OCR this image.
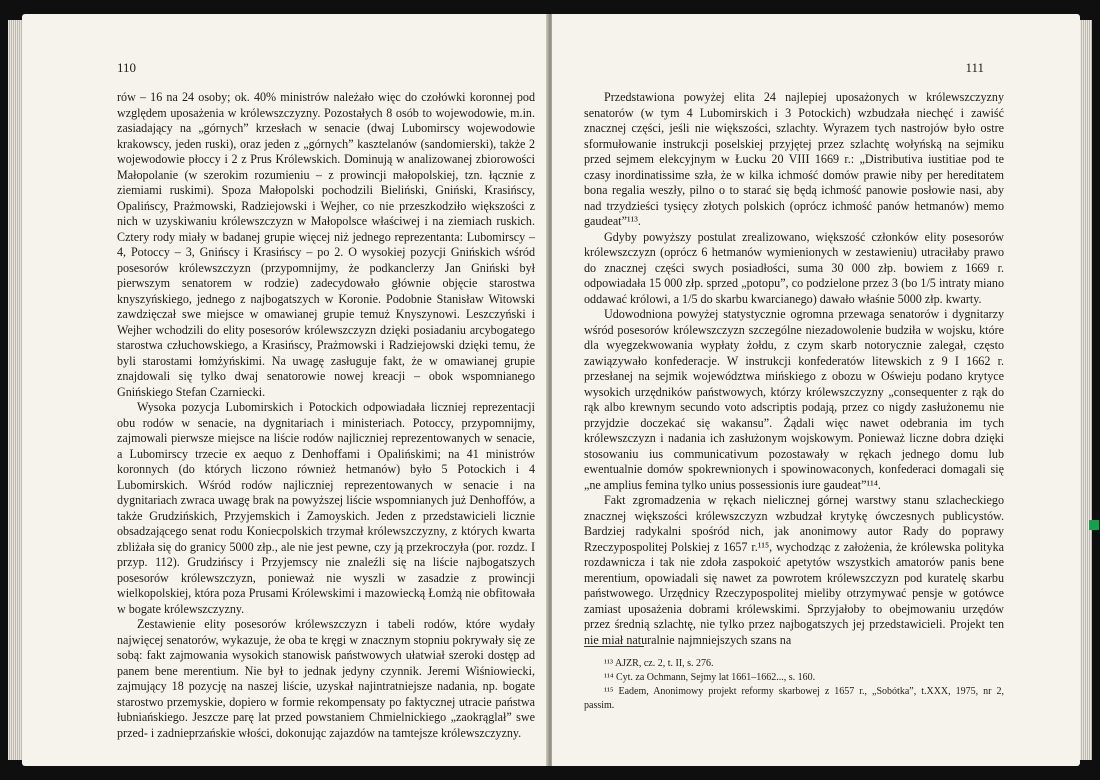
110

rów – 16 na 24 osoby; ok. 40% ministrów należało więc do czołówki koronnej pod względem uposażenia w królewszczyzny. Pozostałych 8 osób to wojewodowie, m.in. zasiadający na „górnych” krzesłach w senacie (dwaj Lubomirscy wojewodowie krakowscy, jeden ruski), oraz jeden z „górnych” kasztelanów (sandomierski), także 2 wojewodowie płoccy i 2 z Prus Królewskich. Dominują w analizowanej zbiorowości Małopolanie (w szerokim rozumieniu – z prowincji małopolskiej, tzn. łącznie z ziemiami ruskimi). Spoza Małopolski pochodzili Bieliński, Gniński, Krasińscy, Opalińscy, Prażmowski, Radziejowski i Wejher, co nie przeszkodziło większości z nich w uzyskiwaniu królewszczyzn w Małopolsce właściwej i na ziemiach ruskich. Cztery rody miały w badanej grupie więcej niż jednego reprezentanta: Lubomirscy – 4, Potoccy – 3, Gnińscy i Krasińscy – po 2. O wysokiej pozycji Gnińskich wśród posesorów królewszczyzn (przypomnijmy, że podkanclerzy Jan Gniński był pierwszym senatorem w rodzie) zadecydowało głównie objęcie starostwa knyszyńskiego, jednego z najbogatszych w Koronie. Podobnie Stanisław Witowski zawdzięczał swe miejsce w omawianej grupie temuż Knyszynowi. Leszczyński i Wejher wchodzili do elity posesorów królewszczyzn dzięki posiadaniu arcybogatego starostwa człuchowskiego, a Krasińscy, Prażmowski i Radziejowski dzięki temu, że byli starostami łomżyńskimi. Na uwagę zasługuje fakt, że w omawianej grupie znajdowali się tylko dwaj senatorowie nowej kreacji – obok wspomnianego Gnińskiego Stefan Czarniecki.

Wysoka pozycja Lubomirskich i Potockich odpowiadała liczniej reprezentacji obu rodów w senacie, na dygnitariach i ministeriach. Potoccy, przypomnijmy, zajmowali pierwsze miejsce na liście rodów najliczniej reprezentowanych w senacie, a Lubomirscy trzecie ex aequo z Denhoffami i Opalińskimi; na 41 ministrów koronnych (do których liczono również hetmanów) było 5 Potockich i 4 Lubomirskich. Wśród rodów najliczniej reprezentowanych w senacie i na dygnitariach zwraca uwagę brak na powyższej liście wspomnianych już Denhoffów, a także Grudzińskich, Przyjemskich i Zamoyskich. Jeden z przedstawicieli licznie obsadzającego senat rodu Koniecpolskich trzymał królewszczyzny, z których kwarta zbliżała się do granicy 5000 złp., ale nie jest pewne, czy ją przekroczyła (por. rozdz. I przyp. 112). Grudzińscy i Przyjemscy nie znaleźli się na liście najbogatszych posesorów królewszczyzn, ponieważ nie wyszli w zasadzie z prowincji wielkopolskiej, która poza Prusami Królewskimi i mazowiecką Łomżą nie obfitowała w bogate królewszczyzny.

Zestawienie elity posesorów królewszczyzn i tabeli rodów, które wydały najwięcej senatorów, wykazuje, że oba te kręgi w znacznym stopniu pokrywały się ze sobą: fakt zajmowania wysokich stanowisk państwowych ułatwiał szeroki dostęp ad panem bene merentium. Nie był to jednak jedyny czynnik. Jeremi Wiśniowiecki, zajmujący 18 pozycję na naszej liście, uzyskał najintratniejsze nadania, np. bogate starostwo przemyskie, dopiero w formie rekompensaty po faktycznej utracie państwa łubniańskiego. Jeszcze parę lat przed powstaniem Chmielnickiego „zaokrąglał” swe przed- i zadnieprzańskie włości, dokonując zajazdów na tamtejsze królewszczyzny.

111

Przedstawiona powyżej elita 24 najlepiej uposażonych w królewszczyzny senatorów (w tym 4 Lubomirskich i 3 Potockich) wzbudzała niechęć i zawiść znacznej części, jeśli nie większości, szlachty. Wyrazem tych nastrojów było ostre sformułowanie instrukcji poselskiej przyjętej przez szlachtę wołyńską na sejmiku przed sejmem elekcyjnym w Łucku 20 VIII 1669 r.: „Distributiva iustitiae pod te czasy inordinatissime szła, że w kilka ichmość domów prawie niby per hereditatem bona regalia weszły, pilno o to starać się będą ichmość panowie posłowie nasi, aby nad trzydzieści tysięcy złotych polskich (oprócz ichmość panów hetmanów) memo gaudeat”¹¹³.

Gdyby powyższy postulat zrealizowano, większość członków elity posesorów królewszczyzn (oprócz 6 hetmanów wymienionych w zestawieniu) utraciłaby prawo do znacznej części swych posiadłości, suma 30 000 złp. bowiem z 1669 r. odpowiadała 15 000 złp. sprzed „potopu”, co podzielone przez 3 (bo 1/5 intraty miano oddawać królowi, a 1/5 do skarbu kwarcianego) dawało właśnie 5000 złp. kwarty.

Udowodniona powyżej statystycznie ogromna przewaga senatorów i dygnitarzy wśród posesorów królewszczyzn szczególne niezadowolenie budziła w wojsku, które dla wyegzekwowania wypłaty żołdu, z czym skarb notorycznie zalegał, często zawiązywało konfederacje. W instrukcji konfederatów litewskich z 9 I 1662 r. przesłanej na sejmik województwa mińskiego z obozu w Oświeju podano krytyce wysokich urzędników państwowych, którzy królewszczyzny „consequenter z rąk do rąk albo krewnym secundo voto adscriptis podają, przez co nigdy zasłużonemu nie przyjdzie doczekać się wakansu”. Żądali więc nawet odebrania im tych królewszczyzn i nadania ich zasłużonym wojskowym. Ponieważ liczne dobra dzięki stosowaniu ius communicativum pozostawały w rękach jednego domu lub ewentualnie domów spokrewnionych i spowinowaconych, konfederaci domagali się „ne amplius femina tylko unius possessionis iure gaudeat”¹¹⁴.

Fakt zgromadzenia w rękach nielicznej górnej warstwy stanu szlacheckiego znacznej większości królewszczyzn wzbudzał krytykę ówczesnych publicystów. Bardziej radykalni spośród nich, jak anonimowy autor Rady do poprawy Rzeczypospolitej Polskiej z 1657 r.¹¹⁵, wychodząc z założenia, że królewska polityka rozdawnicza i tak nie zdoła zaspokoić apetytów wszystkich amatorów panis bene merentium, opowiadali się nawet za powrotem królewszczyzn pod kuratelę skarbu państwowego. Urzędnicy Rzeczypospolitej mieliby otrzymywać pensje w gotówce zamiast uposażenia dobrami królewskimi. Sprzyjałoby to obejmowaniu urzędów przez średnią szlachtę, nie tylko przez najbogatszych jej przedstawicieli. Projekt ten nie miał naturalnie najmniejszych szans na

¹¹³ AJZR, cz. 2, t. II, s. 276.

¹¹⁴ Cyt. za Ochmann, Sejmy lat 1661–1662..., s. 160.

¹¹⁵ Eadem, Anonimowy projekt reformy skarbowej z 1657 r., „Sobótka”, t.XXX, 1975, nr 2, passim.
